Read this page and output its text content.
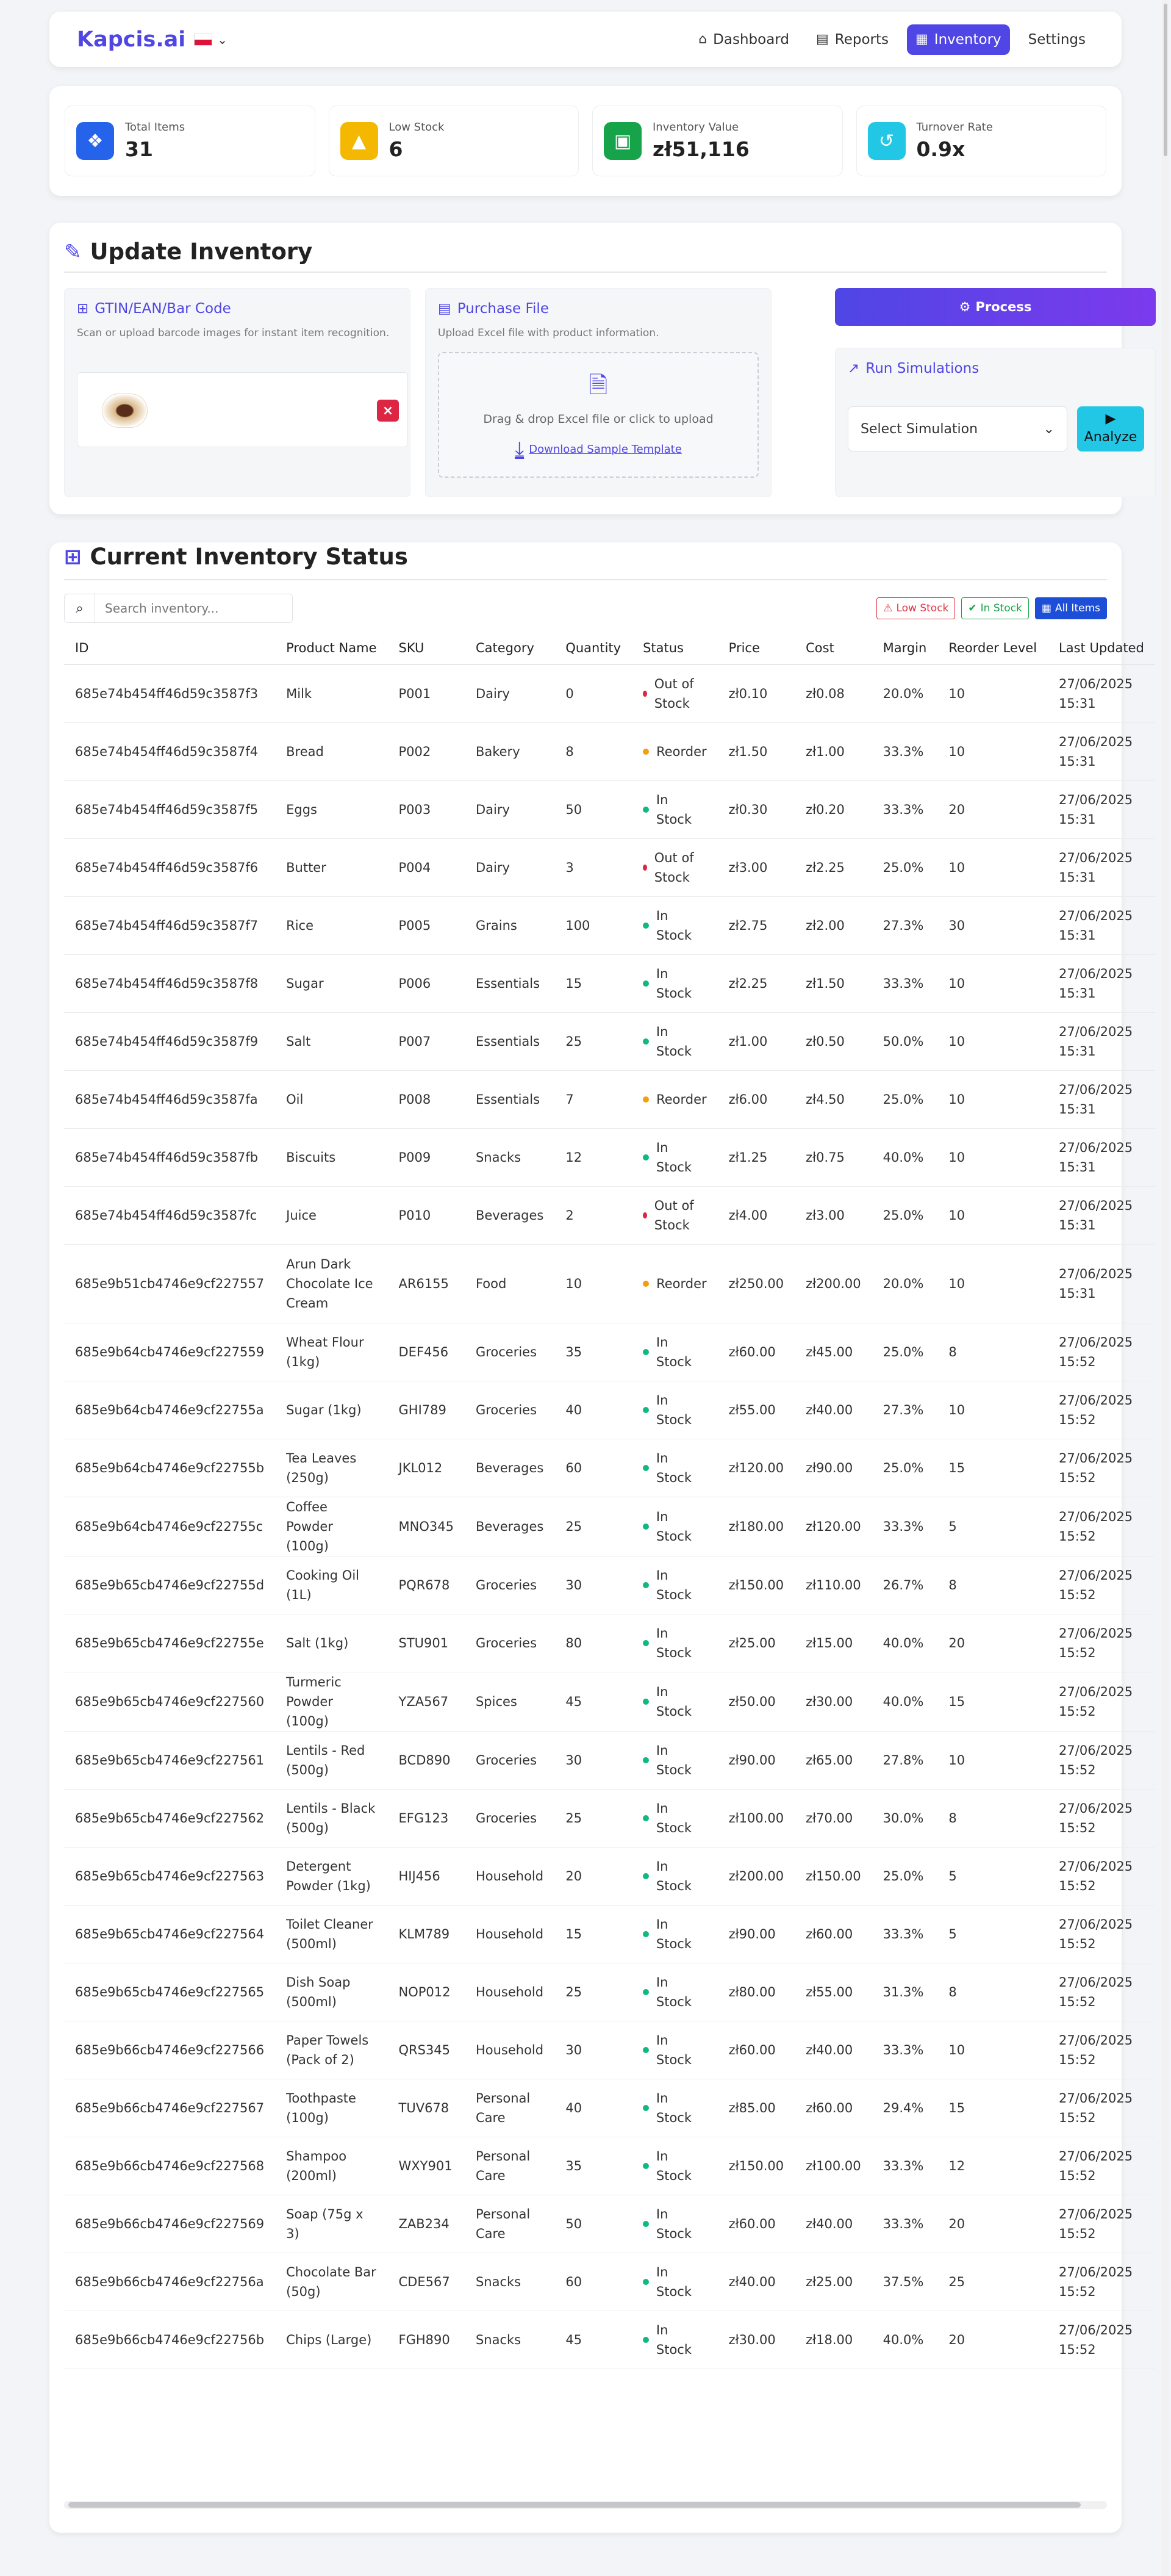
Kapcis.ai	⌄	⌂ Dashboard ▤ Reports ▦ Inventory Settings
❖
Total Items
31	▲
Low Stock
6	▣
Inventory Value
zł51,116	↺
Turnover Rate
0.9x
✎ Update Inventory
⊞ GTIN/EAN/Bar Code
Scan or upload barcode images for instant item recognition.
×
▤ Purchase File
Upload Excel file with product information.
🗎
Drag & drop Excel file or click to upload
⤓ Download Sample Template
⚙ Process
↗ Run Simulations
Select Simulation	⌄
▶
Analyze
⊞ Current Inventory Status
⌕
Search inventory...	⚠ Low Stock ✔ In Stock ▦ All Items
ID	Product Name	SKU	Category	Quantity	Status	Price	Cost	Margin	Reorder Level	Last Updated
685e74b454ff46d59c3587f3	Milk	P001	Dairy	0	Out of Stock	zł0.10	zł0.08	20.0%	10	27/06/2025 15:31
685e74b454ff46d59c3587f4	Bread	P002	Bakery	8	Reorder	zł1.50	zł1.00	33.3%	10	27/06/2025 15:31
685e74b454ff46d59c3587f5	Eggs	P003	Dairy	50	In Stock	zł0.30	zł0.20	33.3%	20	27/06/2025 15:31
685e74b454ff46d59c3587f6	Butter	P004	Dairy	3	Out of Stock	zł3.00	zł2.25	25.0%	10	27/06/2025 15:31
685e74b454ff46d59c3587f7	Rice	P005	Grains	100	In Stock	zł2.75	zł2.00	27.3%	30	27/06/2025 15:31
685e74b454ff46d59c3587f8	Sugar	P006	Essentials	15	In Stock	zł2.25	zł1.50	33.3%	10	27/06/2025 15:31
685e74b454ff46d59c3587f9	Salt	P007	Essentials	25	In Stock	zł1.00	zł0.50	50.0%	10	27/06/2025 15:31
685e74b454ff46d59c3587fa	Oil	P008	Essentials	7	Reorder	zł6.00	zł4.50	25.0%	10	27/06/2025 15:31
685e74b454ff46d59c3587fb	Biscuits	P009	Snacks	12	In Stock	zł1.25	zł0.75	40.0%	10	27/06/2025 15:31
685e74b454ff46d59c3587fc	Juice	P010	Beverages	2	Out of Stock	zł4.00	zł3.00	25.0%	10	27/06/2025 15:31
685e9b51cb4746e9cf227557	Arun Dark Chocolate Ice Cream	AR6155	Food	10	Reorder	zł250.00	zł200.00	20.0%	10	27/06/2025 15:31
685e9b64cb4746e9cf227559	Wheat Flour (1kg)	DEF456	Groceries	35	In Stock	zł60.00	zł45.00	25.0%	8	27/06/2025 15:52
685e9b64cb4746e9cf22755a	Sugar (1kg)	GHI789	Groceries	40	In Stock	zł55.00	zł40.00	27.3%	10	27/06/2025 15:52
685e9b64cb4746e9cf22755b	Tea Leaves (250g)	JKL012	Beverages	60	In Stock	zł120.00	zł90.00	25.0%	15	27/06/2025 15:52
685e9b64cb4746e9cf22755c	Coffee Powder (100g)	MNO345	Beverages	25	In Stock	zł180.00	zł120.00	33.3%	5	27/06/2025 15:52
685e9b65cb4746e9cf22755d	Cooking Oil (1L)	PQR678	Groceries	30	In Stock	zł150.00	zł110.00	26.7%	8	27/06/2025 15:52
685e9b65cb4746e9cf22755e	Salt (1kg)	STU901	Groceries	80	In Stock	zł25.00	zł15.00	40.0%	20	27/06/2025 15:52
685e9b65cb4746e9cf227560	Turmeric Powder (100g)	YZA567	Spices	45	In Stock	zł50.00	zł30.00	40.0%	15	27/06/2025 15:52
685e9b65cb4746e9cf227561	Lentils - Red (500g)	BCD890	Groceries	30	In Stock	zł90.00	zł65.00	27.8%	10	27/06/2025 15:52
685e9b65cb4746e9cf227562	Lentils - Black (500g)	EFG123	Groceries	25	In Stock	zł100.00	zł70.00	30.0%	8	27/06/2025 15:52
685e9b65cb4746e9cf227563	Detergent Powder (1kg)	HIJ456	Household	20	In Stock	zł200.00	zł150.00	25.0%	5	27/06/2025 15:52
685e9b65cb4746e9cf227564	Toilet Cleaner (500ml)	KLM789	Household	15	In Stock	zł90.00	zł60.00	33.3%	5	27/06/2025 15:52
685e9b65cb4746e9cf227565	Dish Soap (500ml)	NOP012	Household	25	In Stock	zł80.00	zł55.00	31.3%	8	27/06/2025 15:52
685e9b66cb4746e9cf227566	Paper Towels (Pack of 2)	QRS345	Household	30	In Stock	zł60.00	zł40.00	33.3%	10	27/06/2025 15:52
685e9b66cb4746e9cf227567	Toothpaste (100g)	TUV678	Personal Care	40	In Stock	zł85.00	zł60.00	29.4%	15	27/06/2025 15:52
685e9b66cb4746e9cf227568	Shampoo (200ml)	WXY901	Personal Care	35	In Stock	zł150.00	zł100.00	33.3%	12	27/06/2025 15:52
685e9b66cb4746e9cf227569	Soap (75g x 3)	ZAB234	Personal Care	50	In Stock	zł60.00	zł40.00	33.3%	20	27/06/2025 15:52
685e9b66cb4746e9cf22756a	Chocolate Bar (50g)	CDE567	Snacks	60	In Stock	zł40.00	zł25.00	37.5%	25	27/06/2025 15:52
685e9b66cb4746e9cf22756b	Chips (Large)	FGH890	Snacks	45	In Stock	zł30.00	zł18.00	40.0%	20	27/06/2025 15:52
